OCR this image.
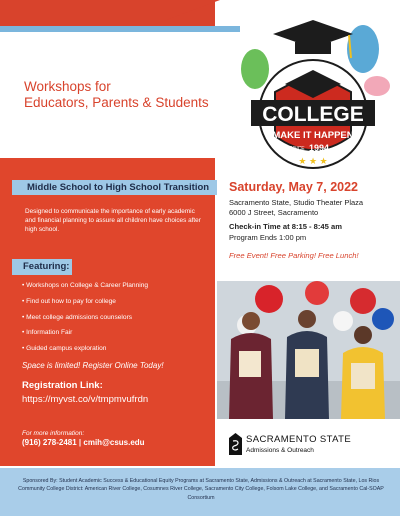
Workshops for
Educators, Parents & Students
COLLEGE
MAKE IT HAPPEN
SINCE 1994
★ ★ ★
Middle School to High School Transition
Designed to communicate the importance of early academic and financial planning to assure all children have choices after high school.
Featuring:
• Workshops on College & Career Planning
• Find out how to pay for college
• Meet college admissions counselors
• Information Fair
• Guided campus exploration
Space is limited! Register Online Today!
Registration Link:
https://myvst.co/v/tmpmvufrdn
For more information:
(916) 278-2481 | cmih@csus.edu
Saturday, May 7, 2022
Sacramento State, Studio Theater Plaza
6000 J Street, Sacramento
Check-in Time at 8:15 - 8:45 am
Program Ends 1:00 pm
Free Event! Free Parking! Free Lunch!
SACRAMENTO STATE
Admissions & Outreach
Sponsored By: Student Academic Success & Educational Equity Programs at Sacramento State, Admissions & Outreach at Sacramento State, Los Rios Community College District: American River College, Cosumnes River College, Sacramento City College, Folsom Lake College, and Sacramento Cal-SOAP Consortium
